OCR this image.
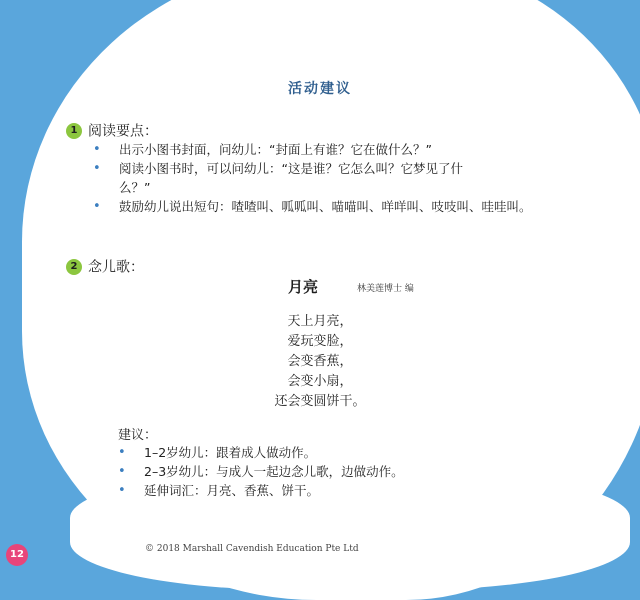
活动建议
1 阅读要点：
• 出示小图书封面，问幼儿：“封面上有谁？它在做什么？”
• 阅读小图书时，可以问幼儿：“这是谁？它怎么叫？它梦见了什么？”
• 鼓励幼儿说出短句：喳喳叫、呱呱叫、喵喵叫、咩咩叫、吱吱叫、哇哇叫。
2 念儿歌：
月亮	林美莲博士 编
天上月亮，
爱玩变脸，
会变香蕉，
会变小扇，
还会变圆饼干。
建议：
• 1–2岁幼儿：跟着成人做动作。
• 2–3岁幼儿：与成人一起边念儿歌，边做动作。
• 延伸词汇：月亮、香蕉、饼干。
12	© 2018 Marshall Cavendish Education Pte Ltd
